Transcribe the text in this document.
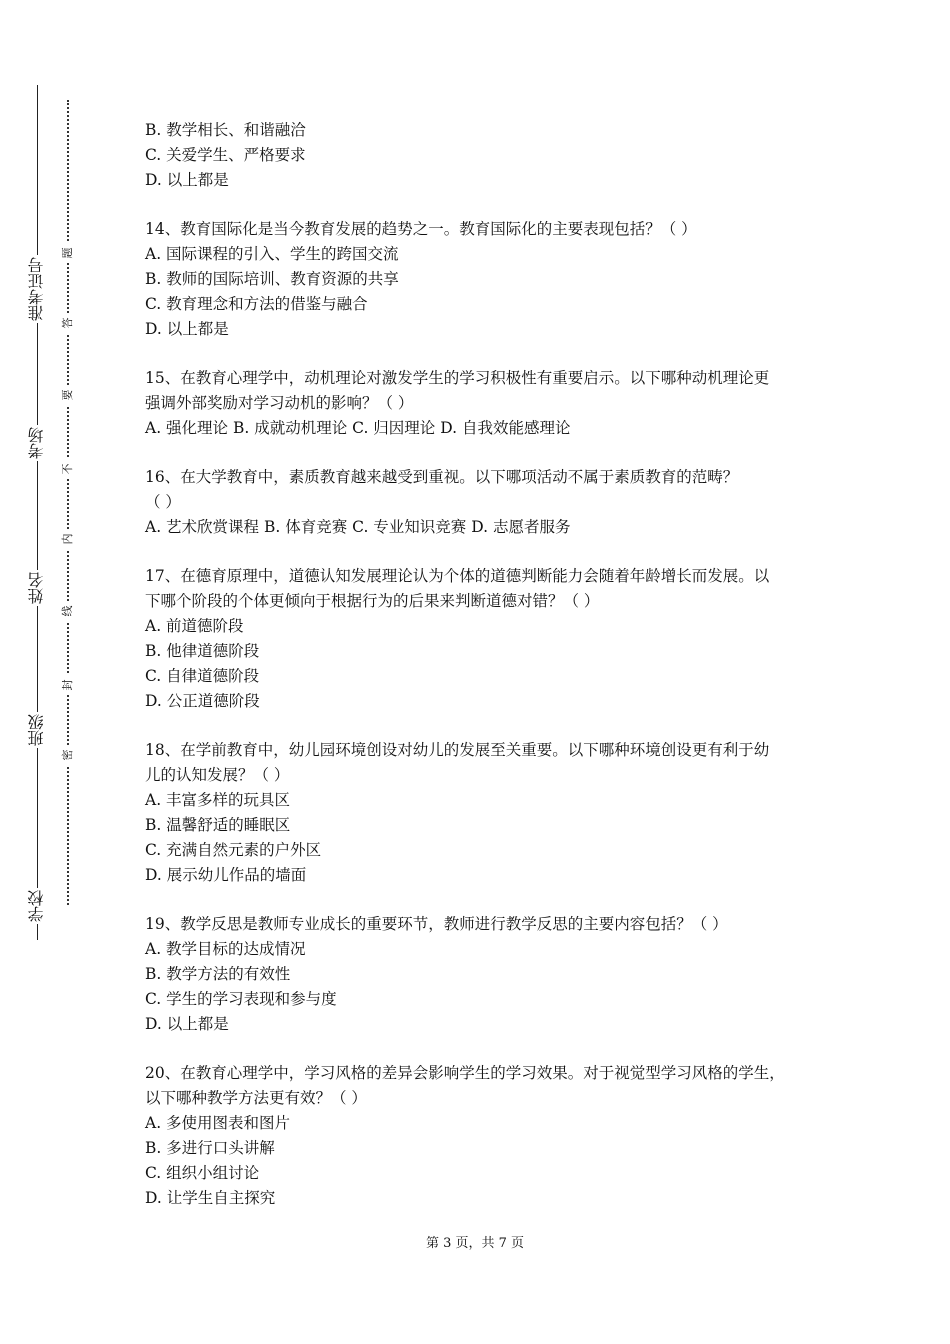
准考证号
考场
姓名
班级
学校
题
答
要
不
内
线
封
密
B. 教学相长、和谐融洽
C. 关爱学生、严格要求
D. 以上都是
14、教育国际化是当今教育发展的趋势之一。教育国际化的主要表现包括？（ ）
A. 国际课程的引入、学生的跨国交流
B. 教师的国际培训、教育资源的共享
C. 教育理念和方法的借鉴与融合
D. 以上都是
15、在教育心理学中，动机理论对激发学生的学习积极性有重要启示。以下哪种动机理论更
强调外部奖励对学习动机的影响？（ ）
A. 强化理论 B. 成就动机理论 C. 归因理论 D. 自我效能感理论
16、在大学教育中，素质教育越来越受到重视。以下哪项活动不属于素质教育的范畴？
（ ）
A. 艺术欣赏课程 B. 体育竞赛 C. 专业知识竞赛 D. 志愿者服务
17、在德育原理中，道德认知发展理论认为个体的道德判断能力会随着年龄增长而发展。以
下哪个阶段的个体更倾向于根据行为的后果来判断道德对错？（ ）
A. 前道德阶段
B. 他律道德阶段
C. 自律道德阶段
D. 公正道德阶段
18、在学前教育中，幼儿园环境创设对幼儿的发展至关重要。以下哪种环境创设更有利于幼
儿的认知发展？（ ）
A. 丰富多样的玩具区
B. 温馨舒适的睡眠区
C. 充满自然元素的户外区
D. 展示幼儿作品的墙面
19、教学反思是教师专业成长的重要环节，教师进行教学反思的主要内容包括？（ ）
A. 教学目标的达成情况
B. 教学方法的有效性
C. 学生的学习表现和参与度
D. 以上都是
20、在教育心理学中，学习风格的差异会影响学生的学习效果。对于视觉型学习风格的学生，
以下哪种教学方法更有效？（ ）
A. 多使用图表和图片
B. 多进行口头讲解
C. 组织小组讨论
D. 让学生自主探究
第 3 页，共 7 页
